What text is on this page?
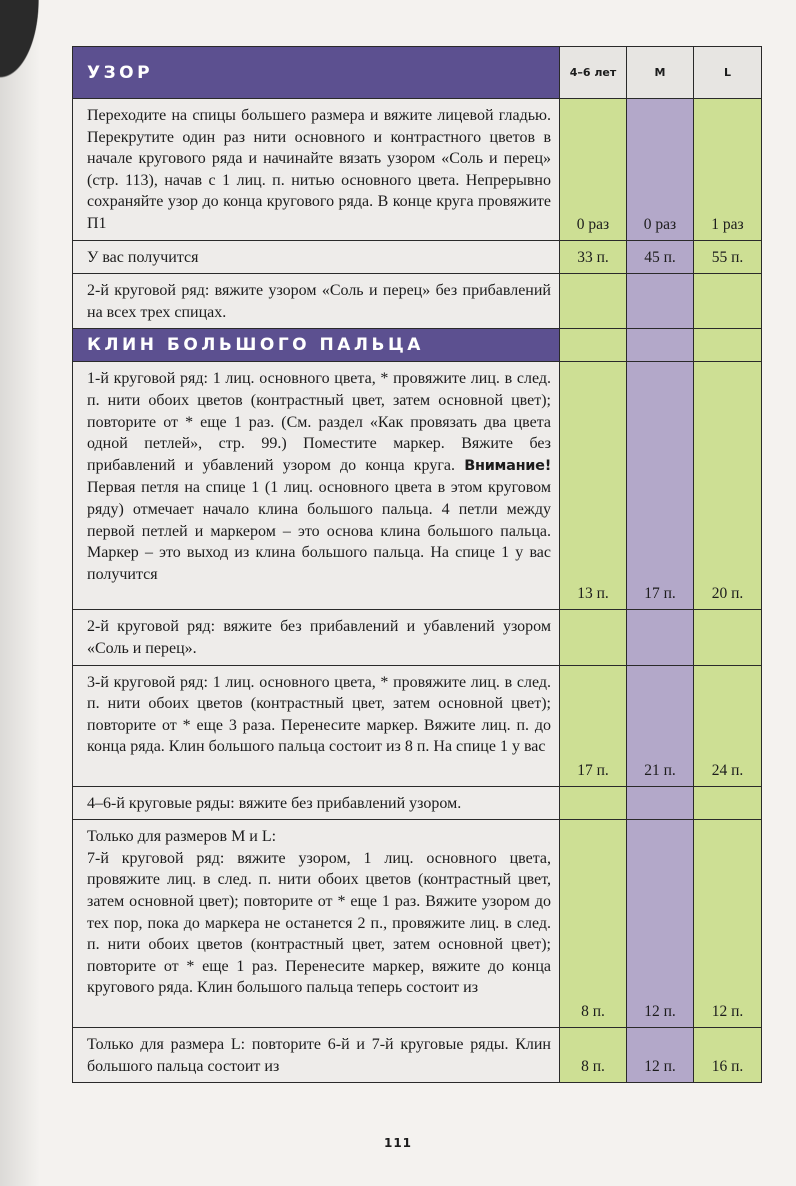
УЗОР	4–6 лет	M	L
Переходите на спицы большего размера и вяжите лицевой гладью. Перекрутите один раз нити основного и контрастного цветов в начале кругового ряда и начинайте вязать узором «Соль и перец» (стр. 113), начав с 1 лиц. п. нитью основного цвета. Непрерывно сохраняйте узор до конца кругового ряда. В конце круга провяжите П1	0 раз	0 раз	1 раз
У вас получится	33 п.	45 п.	55 п.
2-й круговой ряд: вяжите узором «Соль и перец» без прибавлений на всех трех спицах.			
КЛИН БОЛЬШОГО ПАЛЬЦА			
1-й круговой ряд: 1 лиц. основного цвета, * провяжите лиц. в след. п. нити обоих цветов (контрастный цвет, затем основной цвет); повторите от * еще 1 раз. (См. раздел «Как провязать два цвета одной петлей», стр. 99.) Поместите маркер. Вяжите без прибавлений и убавлений узором до конца круга. Внимание! Первая петля на спице 1 (1 лиц. основного цвета в этом круговом ряду) отмечает начало клина большого пальца. 4 петли между первой петлей и маркером – это основа клина большого пальца. Маркер – это выход из клина большого пальца. На спице 1 у вас получится	13 п.	17 п.	20 п.
2-й круговой ряд: вяжите без прибавлений и убавлений узором «Соль и перец».			
3-й круговой ряд: 1 лиц. основного цвета, * провяжите лиц. в след. п. нити обоих цветов (контрастный цвет, затем основной цвет); повторите от * еще 3 раза. Перенесите маркер. Вяжите лиц. п. до конца ряда. Клин большого пальца состоит из 8 п. На спице 1 у вас	17 п.	21 п.	24 п.
4–6-й круговые ряды: вяжите без прибавлений узором.			
Только для размеров M и L:
7-й круговой ряд: вяжите узором, 1 лиц. основного цвета, провяжите лиц. в след. п. нити обоих цветов (контрастный цвет, затем основной цвет); повторите от * еще 1 раз. Вяжите узором до тех пор, пока до маркера не останется 2 п., провяжите лиц. в след. п. нити обоих цветов (контрастный цвет, затем основной цвет); повторите от * еще 1 раз. Перенесите маркер, вяжите до конца кругового ряда. Клин большого пальца теперь состоит из	8 п.	12 п.	12 п.
Только для размера L: повторите 6-й и 7-й круговые ряды. Клин большого пальца состоит из	8 п.	12 п.	16 п.
111
